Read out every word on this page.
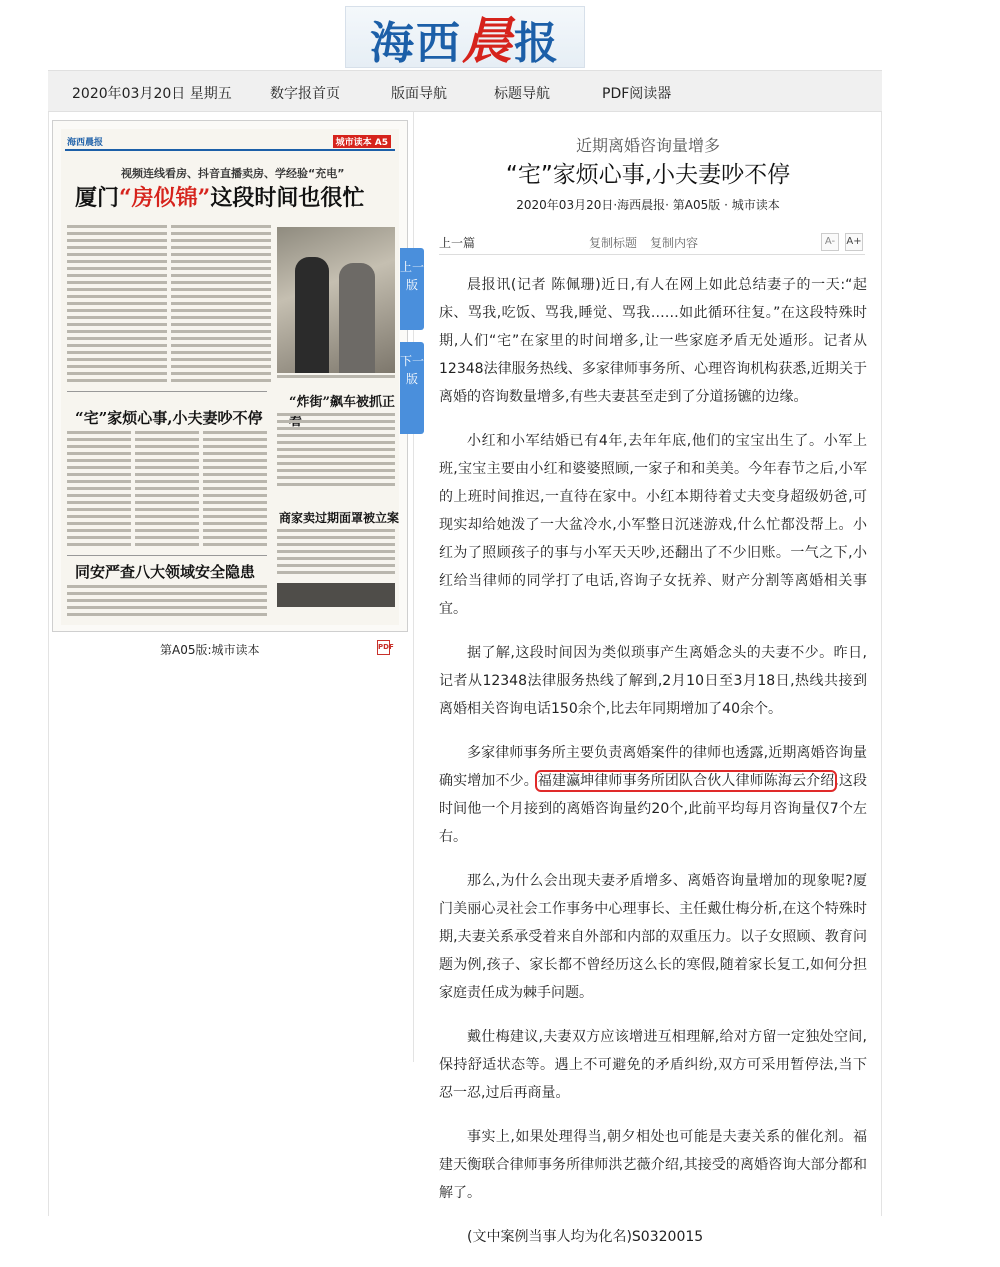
海西晨报
2020年03月20日 星期五	数字报首页	版面导航	标题导航	PDF阅读器
海西晨报	城市读本 A5
视频连线看房、抖音直播卖房、学经验“充电”
厦门“房似锦”这段时间也很忙
“宅”家烦心事,小夫妻吵不停
“炸街”飙车被抓正
商家卖过期面罩被立案
同安严查八大领域安全隐患
上一版
下一版
第A05版:城市读本	PDF
近期离婚咨询量增多
“宅”家烦心事,小夫妻吵不停
2020年03月20日·海西晨报· 第A05版 · 城市读本
上一篇	复制标题 复制内容	A-	A+

晨报讯(记者 陈佩珊)近日,有人在网上如此总结妻子的一天:“起床、骂我,吃饭、骂我,睡觉、骂我……如此循环往复。”在这段特殊时期,人们“宅”在家里的时间增多,让一些家庭矛盾无处遁形。记者从12348法律服务热线、多家律师事务所、心理咨询机构获悉,近期关于离婚的咨询数量增多,有些夫妻甚至走到了分道扬镳的边缘。

小红和小军结婚已有4年,去年年底,他们的宝宝出生了。小军上班,宝宝主要由小红和婆婆照顾,一家子和和美美。今年春节之后,小军的上班时间推迟,一直待在家中。小红本期待着丈夫变身超级奶爸,可现实却给她泼了一大盆冷水,小军整日沉迷游戏,什么忙都没帮上。小红为了照顾孩子的事与小军天天吵,还翻出了不少旧账。一气之下,小红给当律师的同学打了电话,咨询子女抚养、财产分割等离婚相关事宜。

据了解,这段时间因为类似琐事产生离婚念头的夫妻不少。昨日,记者从12348法律服务热线了解到,2月10日至3月18日,热线共接到离婚相关咨询电话150余个,比去年同期增加了40余个。

多家律师事务所主要负责离婚案件的律师也透露,近期离婚咨询量确实增加不少。福建瀛坤律师事务所团队合伙人律师陈海云介绍,这段时间他一个月接到的离婚咨询量约20个,此前平均每月咨询量仅7个左右。

那么,为什么会出现夫妻矛盾增多、离婚咨询量增加的现象呢?厦门美丽心灵社会工作事务中心理事长、主任戴仕梅分析,在这个特殊时期,夫妻关系承受着来自外部和内部的双重压力。以子女照顾、教育问题为例,孩子、家长都不曾经历这么长的寒假,随着家长复工,如何分担家庭责任成为棘手问题。

戴仕梅建议,夫妻双方应该增进互相理解,给对方留一定独处空间,保持舒适状态等。遇上不可避免的矛盾纠纷,双方可采用暂停法,当下忍一忍,过后再商量。

事实上,如果处理得当,朝夕相处也可能是夫妻关系的催化剂。福建天衡联合律师事务所律师洪艺薇介绍,其接受的离婚咨询大部分都和解了。

(文中案例当事人均为化名)S0320015
